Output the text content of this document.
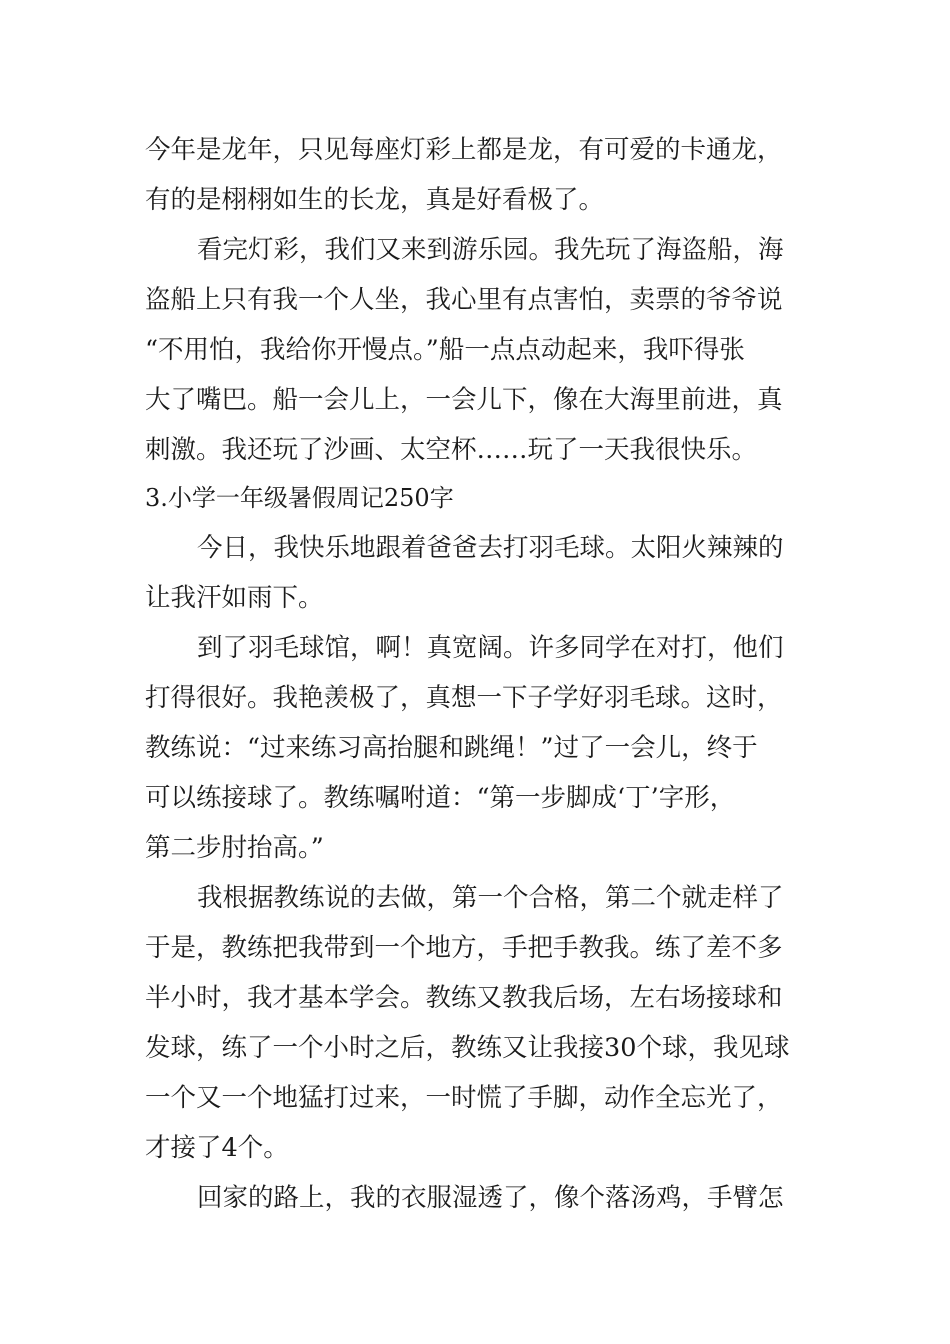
今年是龙年，只见每座灯彩上都是龙，有可爱的卡通龙，
有的是栩栩如生的长龙，真是好看极了。
看完灯彩，我们又来到游乐园。我先玩了海盗船，海
盗船上只有我一个人坐，我心里有点害怕，卖票的爷爷说
“不用怕，我给你开慢点。”船一点点动起来，我吓得张
大了嘴巴。船一会儿上，一会儿下，像在大海里前进，真
刺激。我还玩了沙画、太空杯……玩了一天我很快乐。
3.小学一年级暑假周记250字
今日，我快乐地跟着爸爸去打羽毛球。太阳火辣辣的
让我汗如雨下。
到了羽毛球馆，啊！真宽阔。许多同学在对打，他们
打得很好。我艳羡极了，真想一下子学好羽毛球。这时，
教练说：“过来练习高抬腿和跳绳！”过了一会儿，终于
可以练接球了。教练嘱咐道：“第一步脚成‘丁’字形，
第二步肘抬高。”
我根据教练说的去做，第一个合格，第二个就走样了
于是，教练把我带到一个地方，手把手教我。练了差不多
半小时，我才基本学会。教练又教我后场，左右场接球和
发球，练了一个小时之后，教练又让我接30个球，我见球
一个又一个地猛打过来，一时慌了手脚，动作全忘光了，
才接了4个。
回家的路上，我的衣服湿透了，像个落汤鸡，手臂怎
